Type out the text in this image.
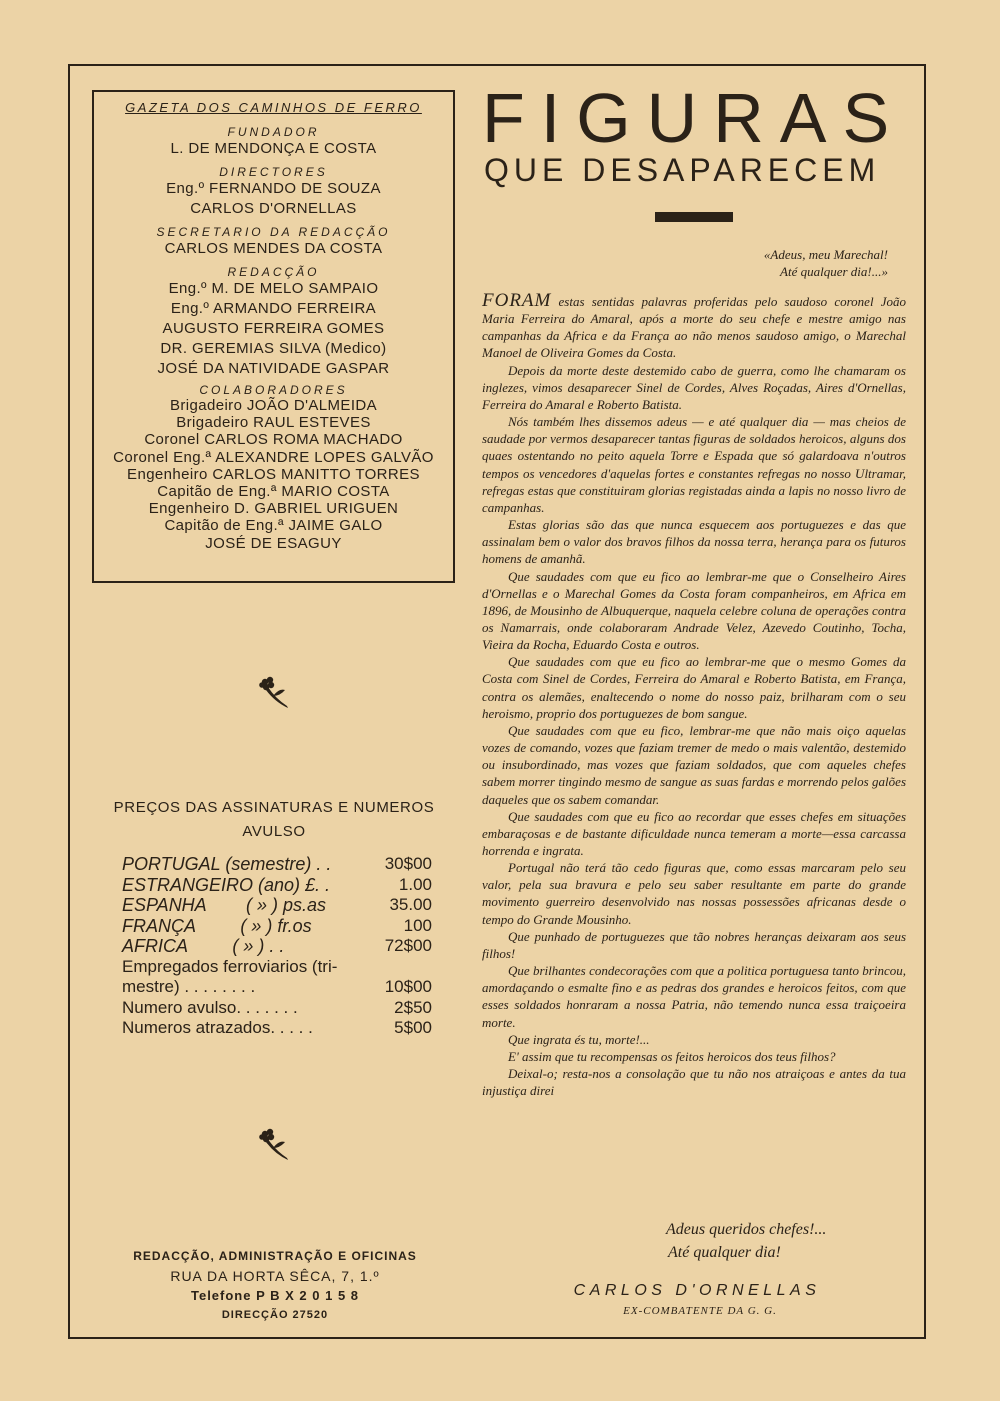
GAZETA DOS CAMINHOS DE FERRO
FUNDADOR
L. DE MENDONÇA E COSTA
DIRECTORES
Eng.º FERNANDO DE SOUZA
CARLOS D'ORNELLAS
SECRETARIO DA REDACÇÃO
CARLOS MENDES DA COSTA
REDACÇÃO
Eng.º M. DE MELO SAMPAIO
Eng.º ARMANDO FERREIRA
AUGUSTO FERREIRA GOMES
DR. GEREMIAS SILVA (Medico)
JOSÉ DA NATIVIDADE GASPAR
COLABORADORES
Brigadeiro JOÃO D'ALMEIDA
Brigadeiro RAUL ESTEVES
Coronel CARLOS ROMA MACHADO
Coronel Eng.ª ALEXANDRE LOPES GALVÃO
Engenheiro CARLOS MANITTO TORRES
Capitão de Eng.ª MARIO COSTA
Engenheiro D. GABRIEL URIGUEN
Capitão de Eng.ª JAIME GALO
JOSÉ DE ESAGUY
PREÇOS DAS ASSINATURAS E NUMEROS
AVULSO
PORTUGAL (semestre) . .	30$00
ESTRANGEIRO (ano) £. .	1.00
ESPANHA        ( » ) ps.as	35.00
FRANÇA         ( » ) fr.os	100
AFRICA         ( » ) . .	72$00
Empregados ferroviarios (tri-
mestre) . . . . . . . .	10$00
Numero avulso. . . . . . .	2$50
Numeros atrazados. . . . .	5$00
REDACÇÃO, ADMINISTRAÇÃO E OFICINAS
RUA DA HORTA SÊCA, 7, 1.º
Telefone P B X 2 0 1 5 8
DIRECÇÃO 27520
FIGURAS
QUE DESAPARECEM
«Adeus, meu Marechal!
Até qualquer dia!...»

FORAM estas sentidas palavras proferidas pelo saudoso coronel João Maria Ferreira do Amaral, após a morte do seu chefe e mestre amigo nas campanhas da Africa e da França ao não menos saudoso amigo, o Marechal Manoel de Oliveira Gomes da Costa.

Depois da morte deste destemido cabo de guerra, como lhe chamaram os inglezes, vimos desaparecer Sinel de Cordes, Alves Roçadas, Aires d'Ornellas, Ferreira do Amaral e Roberto Batista.

Nós também lhes dissemos adeus — e até qualquer dia — mas cheios de saudade por vermos desaparecer tantas figuras de soldados heroicos, alguns dos quaes ostentando no peito aquela Torre e Espada que só galardoava n'outros tempos os vencedores d'aquelas fortes e constantes refregas no nosso Ultramar, refregas estas que constituiram glorias registadas ainda a lapis no nosso livro de campanhas.

Estas glorias são das que nunca esquecem aos portuguezes e das que assinalam bem o valor dos bravos filhos da nossa terra, herança para os futuros homens de amanhã.

Que saudades com que eu fico ao lembrar-me que o Conselheiro Aires d'Ornellas e o Marechal Gomes da Costa foram companheiros, em Africa em 1896, de Mousinho de Albuquerque, naquela celebre coluna de operações contra os Namarrais, onde colaboraram Andrade Velez, Azevedo Coutinho, Tocha, Vieira da Rocha, Eduardo Costa e outros.

Que saudades com que eu fico ao lembrar-me que o mesmo Gomes da Costa com Sinel de Cordes, Ferreira do Amaral e Roberto Batista, em França, contra os alemães, enaltecendo o nome do nosso paiz, brilharam com o seu heroismo, proprio dos portuguezes de bom sangue.

Que saudades com que eu fico, lembrar-me que não mais oiço aquelas vozes de comando, vozes que faziam tremer de medo o mais valentão, destemido ou insubordinado, mas vozes que faziam soldados, que com aqueles chefes sabem morrer tingindo mesmo de sangue as suas fardas e morrendo pelos galões daqueles que os sabem comandar.

Que saudades com que eu fico ao recordar que esses chefes em situações embaraçosas e de bastante dificuldade nunca temeram a morte—essa carcassa horrenda e ingrata.

Portugal não terá tão cedo figuras que, como essas marcaram pelo seu valor, pela sua bravura e pelo seu saber resultante em parte do grande movimento guerreiro desenvolvido nas nossas possessões africanas desde o tempo do Grande Mousinho.

Que punhado de portuguezes que tão nobres heranças deixaram aos seus filhos!

Que brilhantes condecorações com que a politica portuguesa tanto brincou, amordaçando o esmalte fino e as pedras dos grandes e heroicos feitos, com que esses soldados honraram a nossa Patria, não temendo nunca essa traiçoeira morte.

Que ingrata és tu, morte!...

E' assim que tu recompensas os feitos heroicos dos teus filhos?

Deixal-o; resta-nos a consolação que tu não nos atraiçoas e antes da tua injustiça direi

Adeus queridos chefes!...
Até qualquer dia!
CARLOS D'ORNELLAS
EX-COMBATENTE DA G. G.
